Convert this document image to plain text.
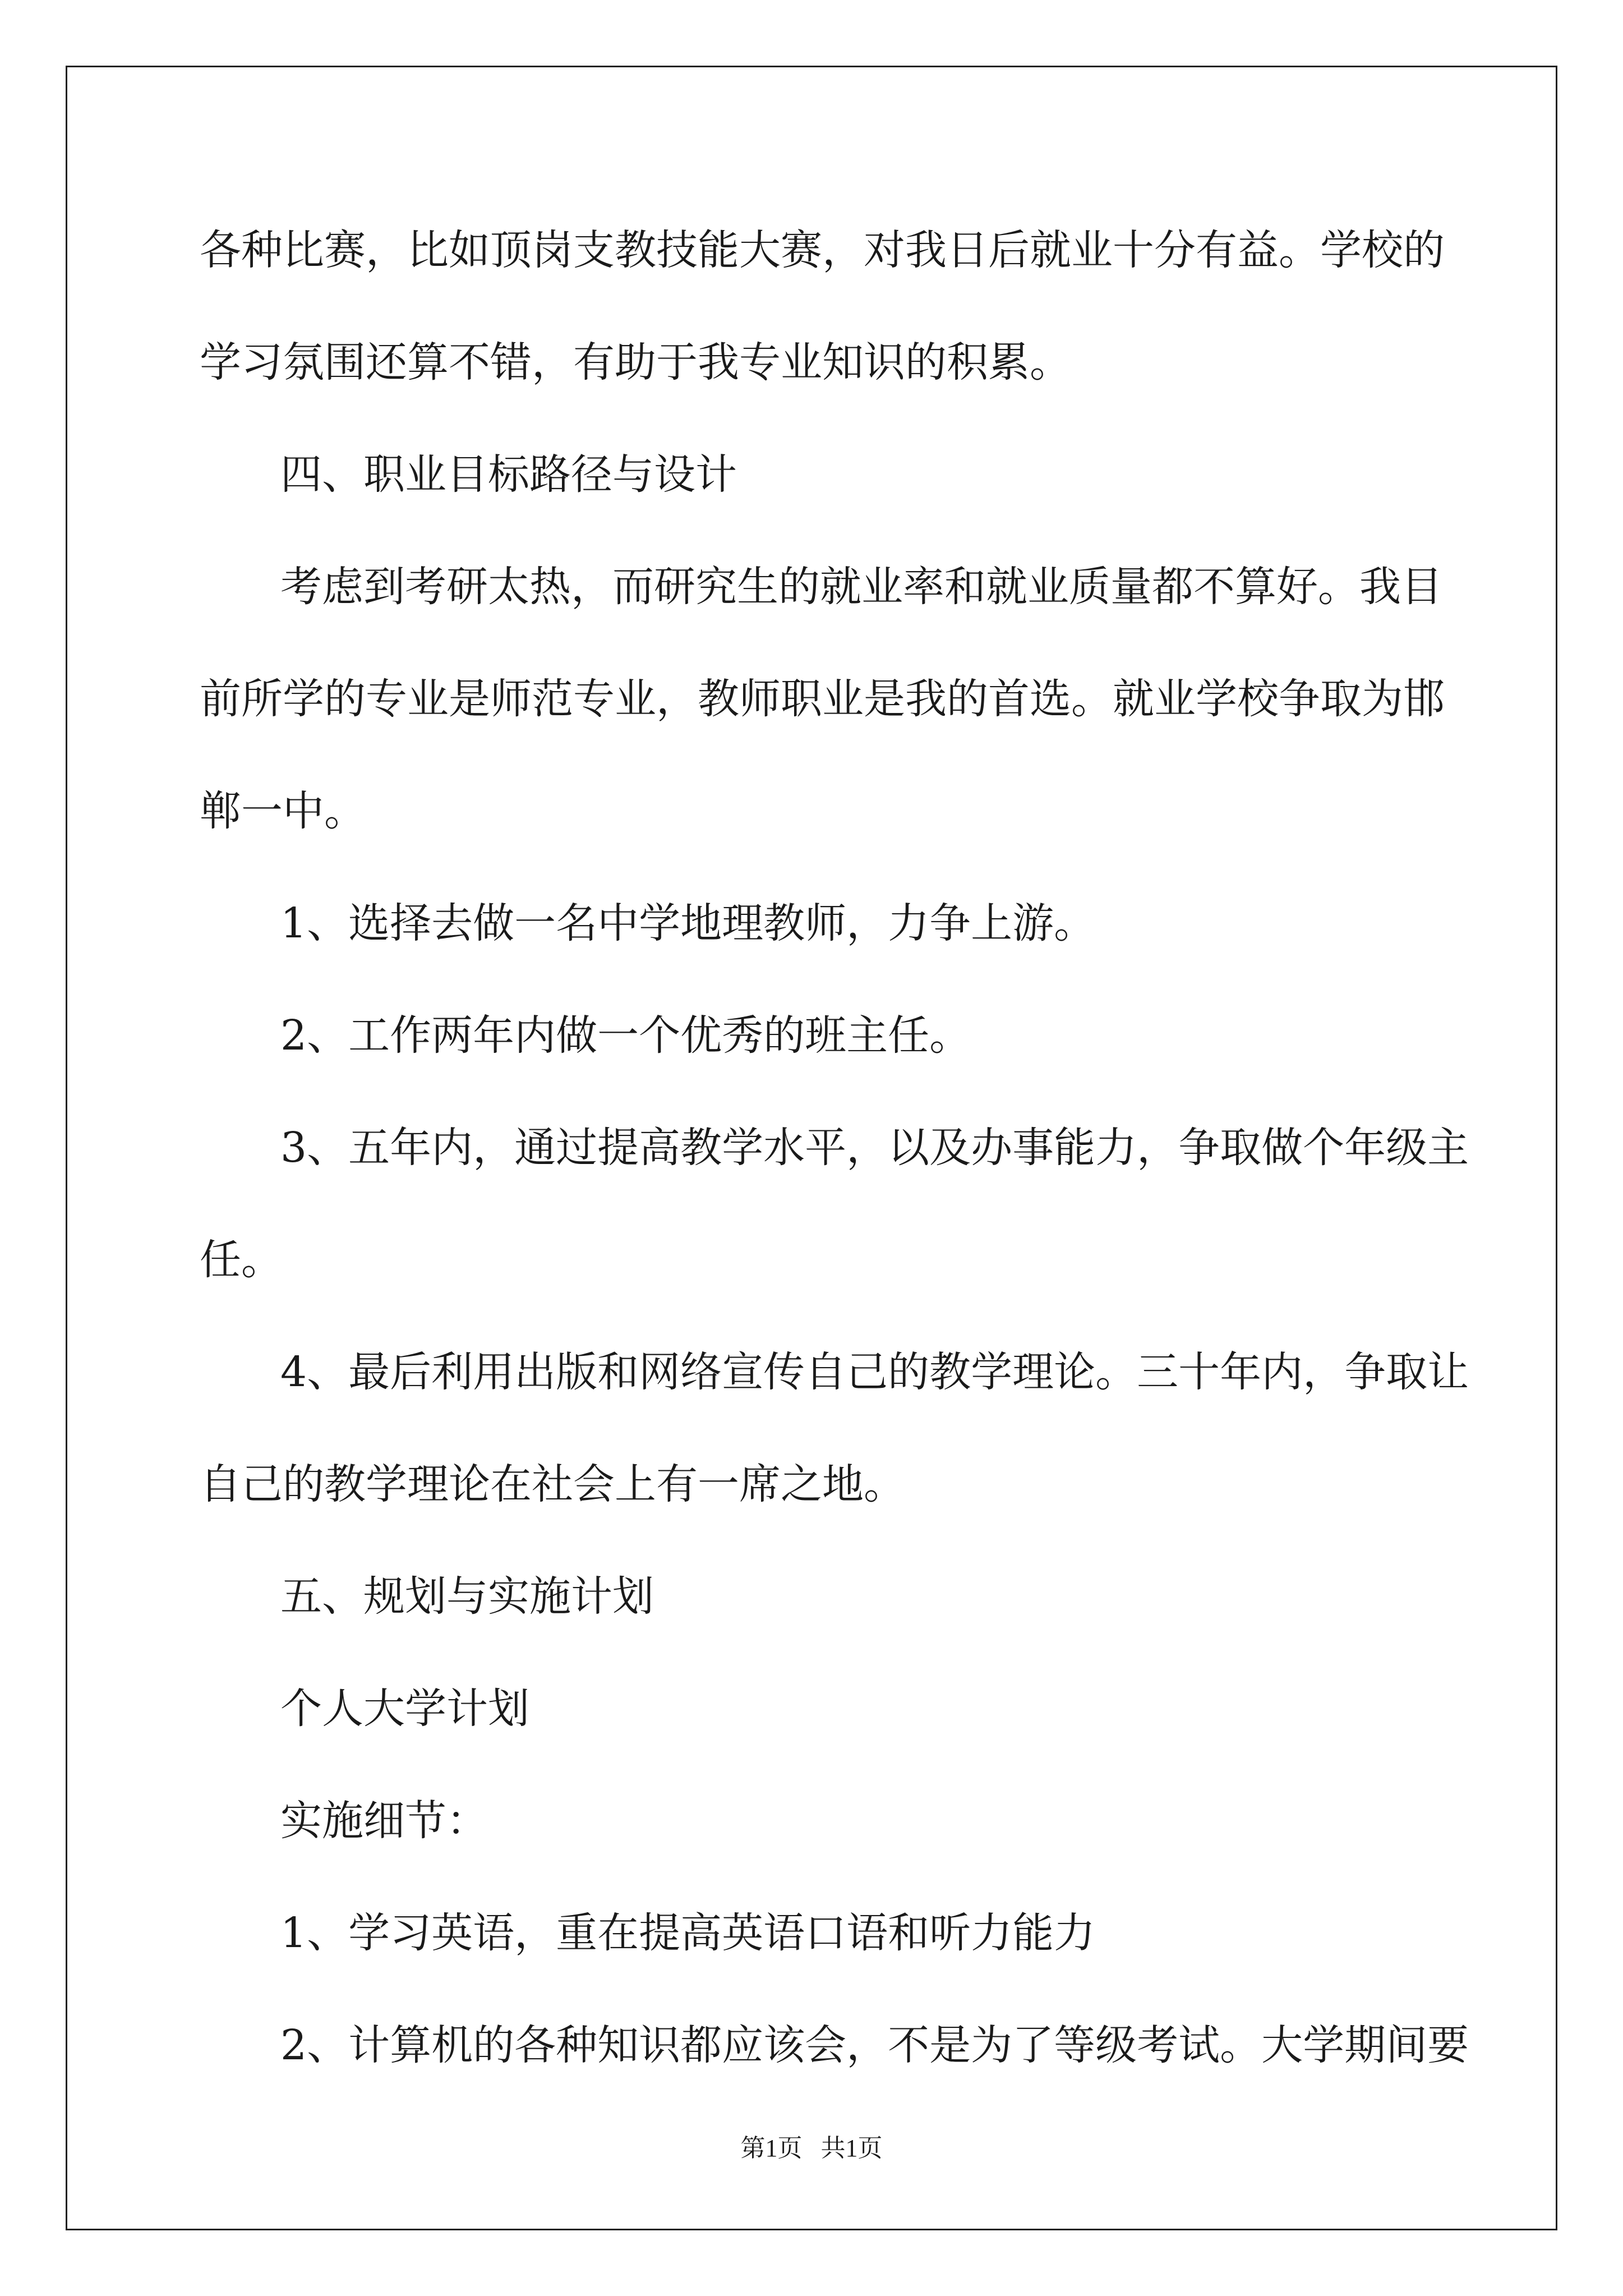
各种比赛，比如顶岗支教技能大赛，对我日后就业十分有益。学校的
学习氛围还算不错，有助于我专业知识的积累。
四、职业目标路径与设计
考虑到考研太热，而研究生的就业率和就业质量都不算好。我目
前所学的专业是师范专业，教师职业是我的首选。就业学校争取为邯
郸一中。
1、选择去做一名中学地理教师，力争上游。
2、工作两年内做一个优秀的班主任。
3、五年内，通过提高教学水平，以及办事能力，争取做个年级主
任。
4、最后利用出版和网络宣传自己的教学理论。三十年内，争取让
自己的教学理论在社会上有一席之地。
五、规划与实施计划
个人大学计划
实施细节：
1、学习英语，重在提高英语口语和听力能力
2、计算机的各种知识都应该会，不是为了等级考试。大学期间要
第1页   共1页
